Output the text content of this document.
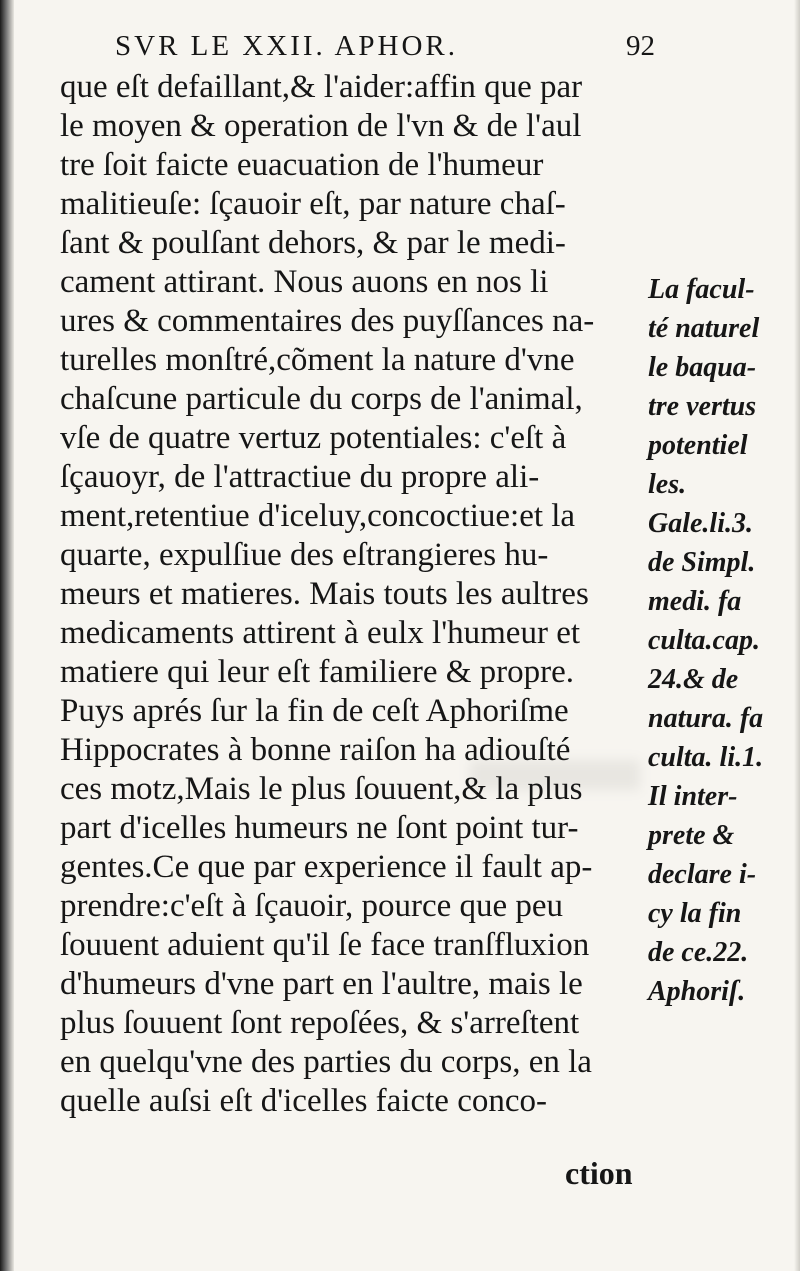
SVR LE XXII. APHOR.	92
que eſt defaillant,& l'aider:affin que par
le moyen & operation de l'vn & de l'aul
tre ſoit faicte euacuation de l'humeur
malitieuſe: ſçauoir eſt, par nature chaſ-
ſant & poulſant dehors, & par le medi-
cament attirant. Nous auons en nos li
ures & commentaires des puyſſances na-
turelles monſtré,cõment la nature d'vne
chaſcune particule du corps de l'animal,
vſe de quatre vertuz potentiales: c'eſt à
ſçauoyr, de l'attractiue du propre ali-
ment,retentiue d'iceluy,concoctiue:et la
quarte, expulſiue des eſtrangieres hu-
meurs et matieres. Mais touts les aultres
medicaments attirent à eulx l'humeur et
matiere qui leur eſt familiere & propre.
Puys aprés ſur la fin de ceſt Aphoriſme
Hippocrates à bonne raiſon ha adiouſté
ces motz,Mais le plus ſouuent,& la plus
part d'icelles humeurs ne ſont point tur-
gentes.Ce que par experience il fault ap-
prendre:c'eſt à ſçauoir, pource que peu
ſouuent aduient qu'il ſe face tranſfluxion
d'humeurs d'vne part en l'aultre, mais le
plus ſouuent ſont repoſées, & s'arreſtent
en quelqu'vne des parties du corps, en la
quelle auſsi eſt d'icelles faicte conco-
ction
La facul-
té naturel
le baqua-
tre vertus
potentiel
les.
Gale.li.3.
de Simpl.
medi. fa
culta.cap.
24.& de
natura. fa
culta. li.1.
Il inter-
prete &
declare i-
cy la fin
de ce.22.
Aphoriſ.
